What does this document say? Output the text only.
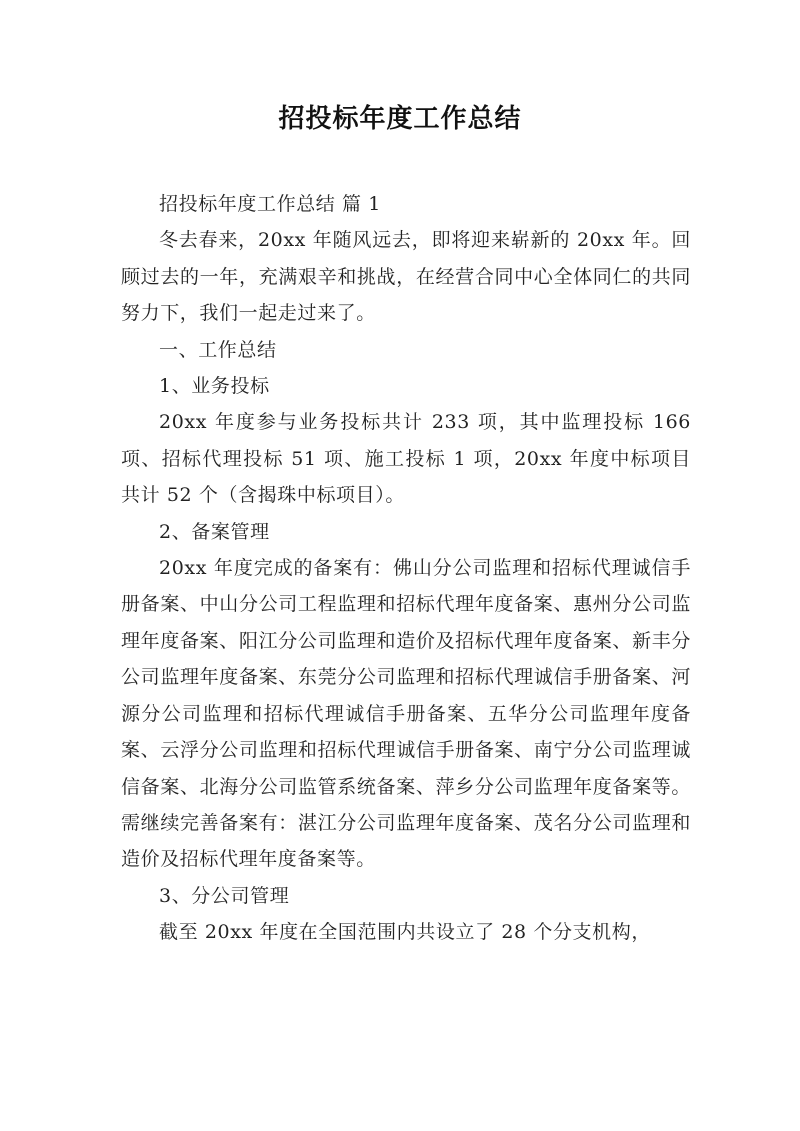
招投标年度工作总结

招投标年度工作总结 篇 1

冬去春来，20xx 年随风远去，即将迎来崭新的 20xx 年。回顾过去的一年，充满艰辛和挑战，在经营合同中心全体同仁的共同努力下，我们一起走过来了。

一、工作总结

1、业务投标

20xx 年度参与业务投标共计 233 项，其中监理投标 166 项、招标代理投标 51 项、施工投标 1 项，20xx 年度中标项目共计 52 个（含揭珠中标项目）。

2、备案管理

20xx 年度完成的备案有：佛山分公司监理和招标代理诚信手册备案、中山分公司工程监理和招标代理年度备案、惠州分公司监理年度备案、阳江分公司监理和造价及招标代理年度备案、新丰分公司监理年度备案、东莞分公司监理和招标代理诚信手册备案、河源分公司监理和招标代理诚信手册备案、五华分公司监理年度备案、云浮分公司监理和招标代理诚信手册备案、南宁分公司监理诚信备案、北海分公司监管系统备案、萍乡分公司监理年度备案等。需继续完善备案有：湛江分公司监理年度备案、茂名分公司监理和造价及招标代理年度备案等。

3、分公司管理

截至 20xx 年度在全国范围内共设立了 28 个分支机构，
